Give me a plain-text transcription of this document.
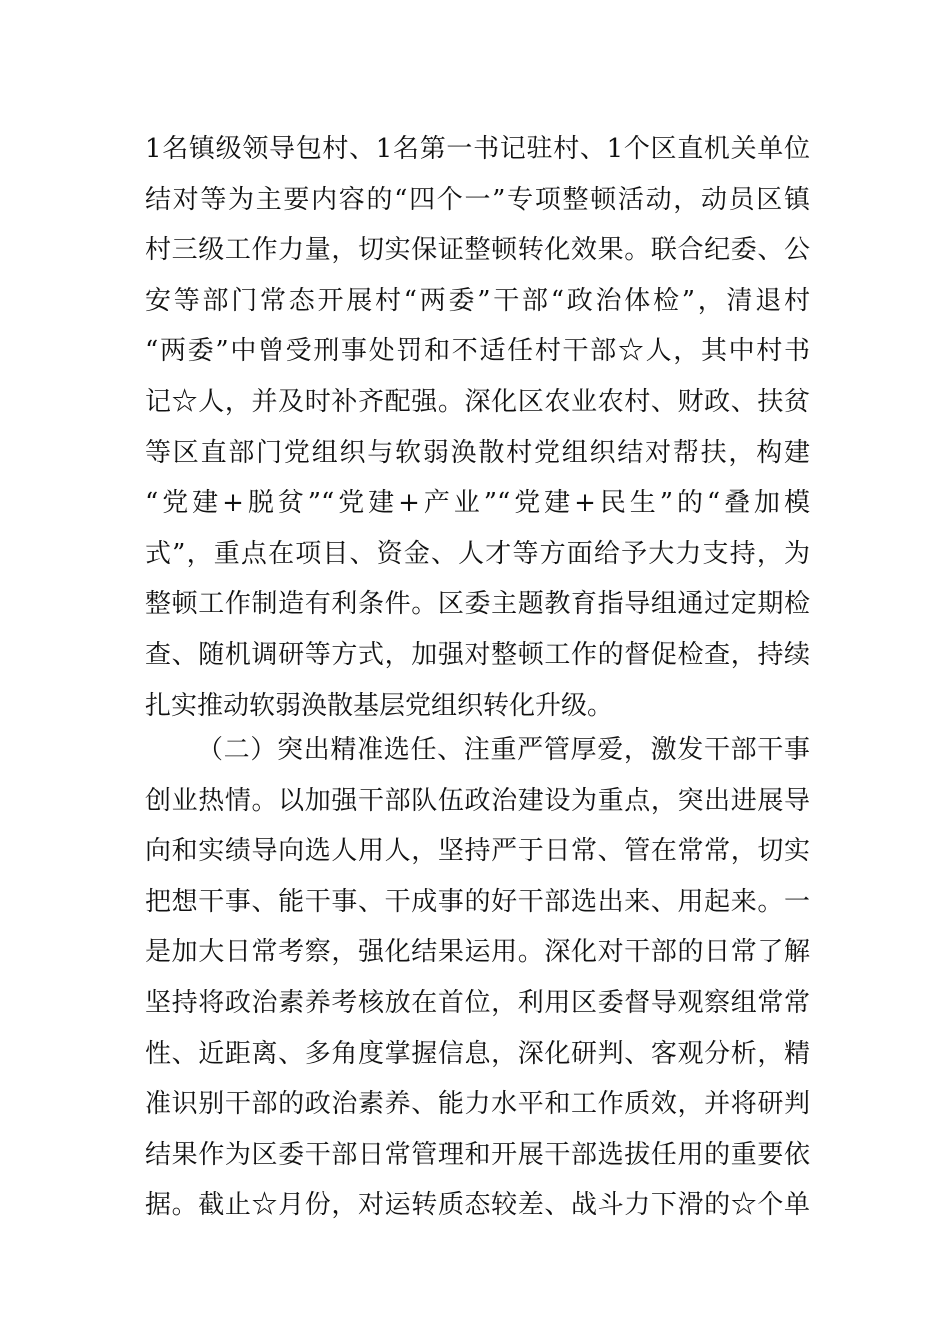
1名镇级领导包村、1名第一书记驻村、1个区直机关单位
结对等为主要内容的“四个一”专项整顿活动，动员区镇
村三级工作力量，切实保证整顿转化效果。联合纪委、公
安等部门常态开展村“两委”干部“政治体检”，清退村
“两委”中曾受刑事处罚和不适任村干部☆人，其中村书
记☆人，并及时补齐配强。深化区农业农村、财政、扶贫
等区直部门党组织与软弱涣散村党组织结对帮扶，构建
“党建+脱贫”“党建+产业”“党建+民生”的“叠加模
式”，重点在项目、资金、人才等方面给予大力支持，为
整顿工作制造有利条件。区委主题教育指导组通过定期检
查、随机调研等方式，加强对整顿工作的督促检查，持续
扎实推动软弱涣散基层党组织转化升级。
（二）突出精准选任、注重严管厚爱，激发干部干事
创业热情。以加强干部队伍政治建设为重点，突出进展导
向和实绩导向选人用人，坚持严于日常、管在常常，切实
把想干事、能干事、干成事的好干部选出来、用起来。一
是加大日常考察，强化结果运用。深化对干部的日常了解
坚持将政治素养考核放在首位，利用区委督导观察组常常
性、近距离、多角度掌握信息，深化研判、客观分析，精
准识别干部的政治素养、能力水平和工作质效，并将研判
结果作为区委干部日常管理和开展干部选拔任用的重要依
据。截止☆月份，对运转质态较差、战斗力下滑的☆个单
